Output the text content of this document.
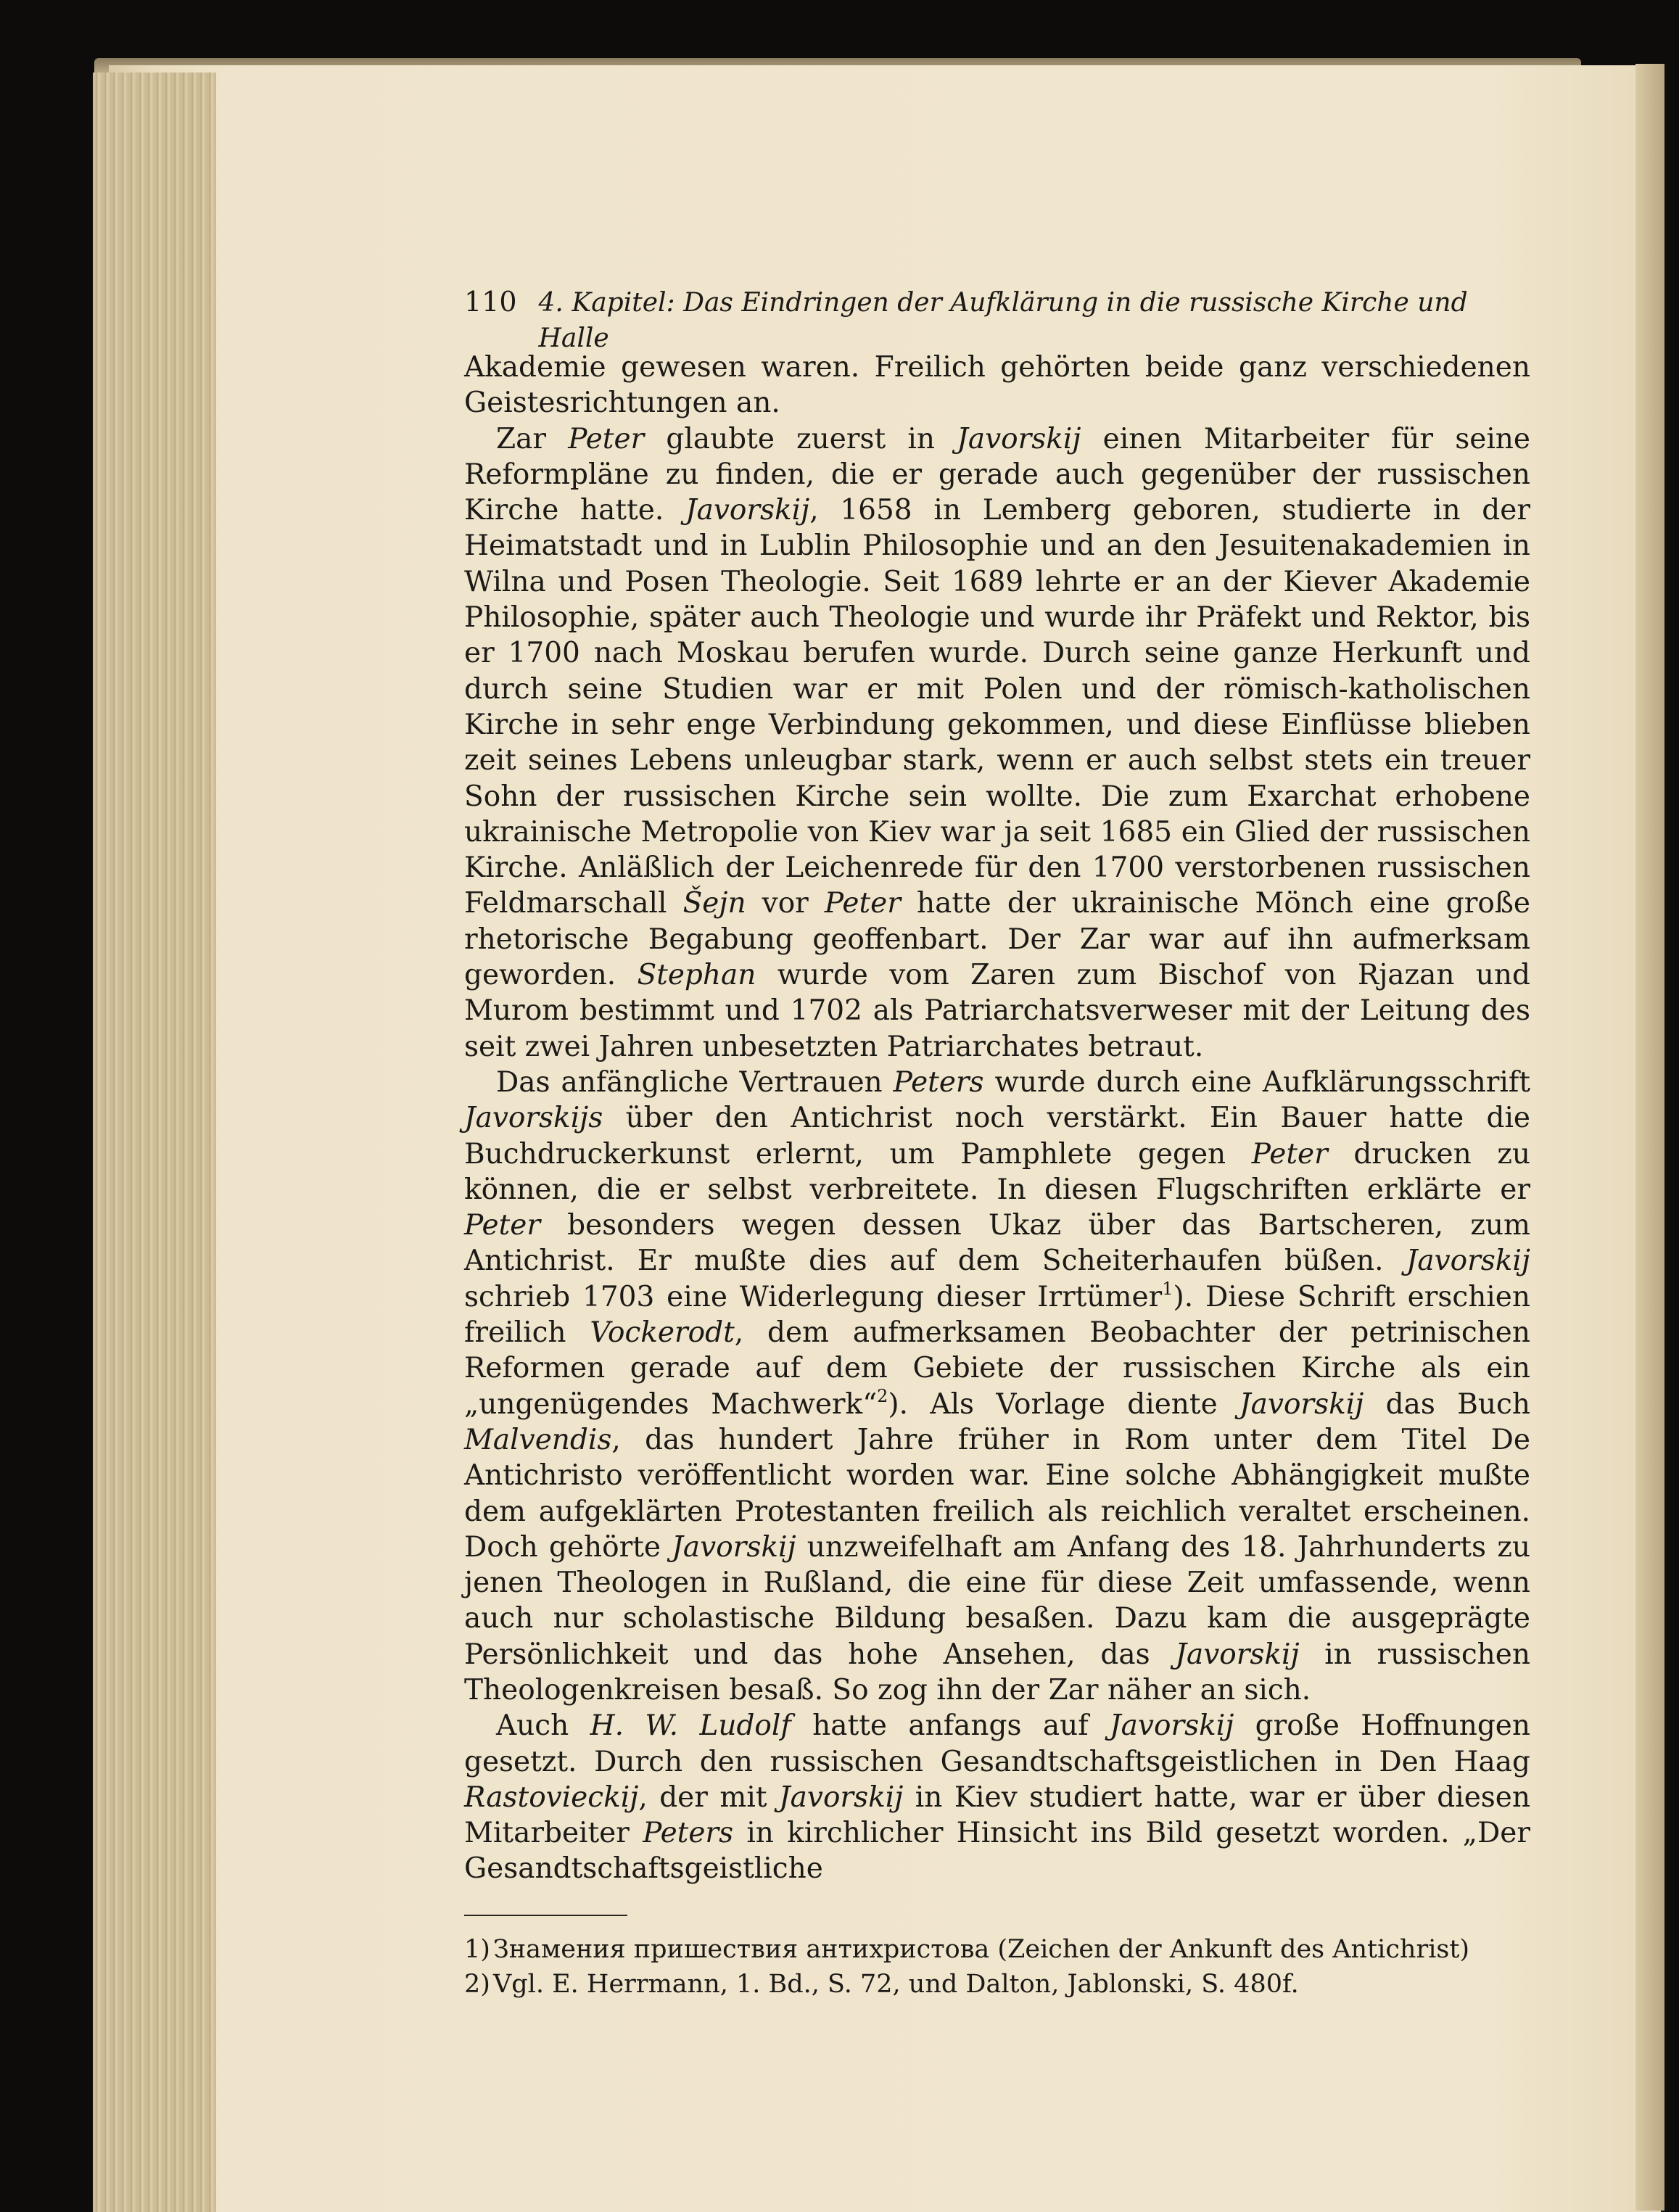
110 4. Kapitel: Das Eindringen der Aufklärung in die russische Kirche und Halle

Akademie gewesen waren. Freilich gehörten beide ganz verschiedenen Geistesrichtungen an.

Zar Peter glaubte zuerst in Javorskij einen Mitarbeiter für seine Reformpläne zu finden, die er gerade auch gegenüber der russischen Kirche hatte. Javorskij, 1658 in Lemberg geboren, studierte in der Heimatstadt und in Lublin Philosophie und an den Jesuitenakademien in Wilna und Posen Theologie. Seit 1689 lehrte er an der Kiever Akademie Philosophie, später auch Theologie und wurde ihr Präfekt und Rektor, bis er 1700 nach Moskau berufen wurde. Durch seine ganze Herkunft und durch seine Studien war er mit Polen und der römisch-katholischen Kirche in sehr enge Verbindung gekommen, und diese Einflüsse blieben zeit seines Lebens unleugbar stark, wenn er auch selbst stets ein treuer Sohn der russischen Kirche sein wollte. Die zum Exarchat erhobene ukrainische Metropolie von Kiev war ja seit 1685 ein Glied der russischen Kirche. Anläßlich der Leichenrede für den 1700 verstorbenen russischen Feldmarschall Šejn vor Peter hatte der ukrainische Mönch eine große rhetorische Begabung geoffenbart. Der Zar war auf ihn aufmerksam geworden. Stephan wurde vom Zaren zum Bischof von Rjazan und Murom bestimmt und 1702 als Patriarchatsverweser mit der Leitung des seit zwei Jahren unbesetzten Patriarchates betraut.

Das anfängliche Vertrauen Peters wurde durch eine Aufklärungsschrift Javorskijs über den Antichrist noch verstärkt. Ein Bauer hatte die Buchdruckerkunst erlernt, um Pamphlete gegen Peter drucken zu können, die er selbst verbreitete. In diesen Flugschriften erklärte er Peter besonders wegen dessen Ukaz über das Bartscheren, zum Antichrist. Er mußte dies auf dem Scheiterhaufen büßen. Javorskij schrieb 1703 eine Widerlegung dieser Irrtümer$^1$). Diese Schrift erschien freilich Vockerodt, dem aufmerksamen Beobachter der petrinischen Reformen gerade auf dem Gebiete der russischen Kirche als ein „ungenügendes Machwerk“$^2$). Als Vorlage diente Javorskij das Buch Malvendis, das hundert Jahre früher in Rom unter dem Titel De Antichristo veröffentlicht worden war. Eine solche Abhängigkeit mußte dem aufgeklärten Protestanten freilich als reichlich veraltet erscheinen. Doch gehörte Javorskij unzweifelhaft am Anfang des 18. Jahrhunderts zu jenen Theologen in Rußland, die eine für diese Zeit umfassende, wenn auch nur scholastische Bildung besaßen. Dazu kam die ausgeprägte Persönlichkeit und das hohe Ansehen, das Javorskij in russischen Theologenkreisen besaß. So zog ihn der Zar näher an sich.

Auch H. W. Ludolf hatte anfangs auf Javorskij große Hoffnungen gesetzt. Durch den russischen Gesandtschaftsgeistlichen in Den Haag Rastovieckij, der mit Javorskij in Kiev studiert hatte, war er über diesen Mitarbeiter Peters in kirchlicher Hinsicht ins Bild gesetzt worden. „Der Gesandtschaftsgeistliche

1) Знамения пришествия антихристова (Zeichen der Ankunft des Antichrist)
2) Vgl. E. Herrmann, 1. Bd., S. 72, und Dalton, Jablonski, S. 480f.
